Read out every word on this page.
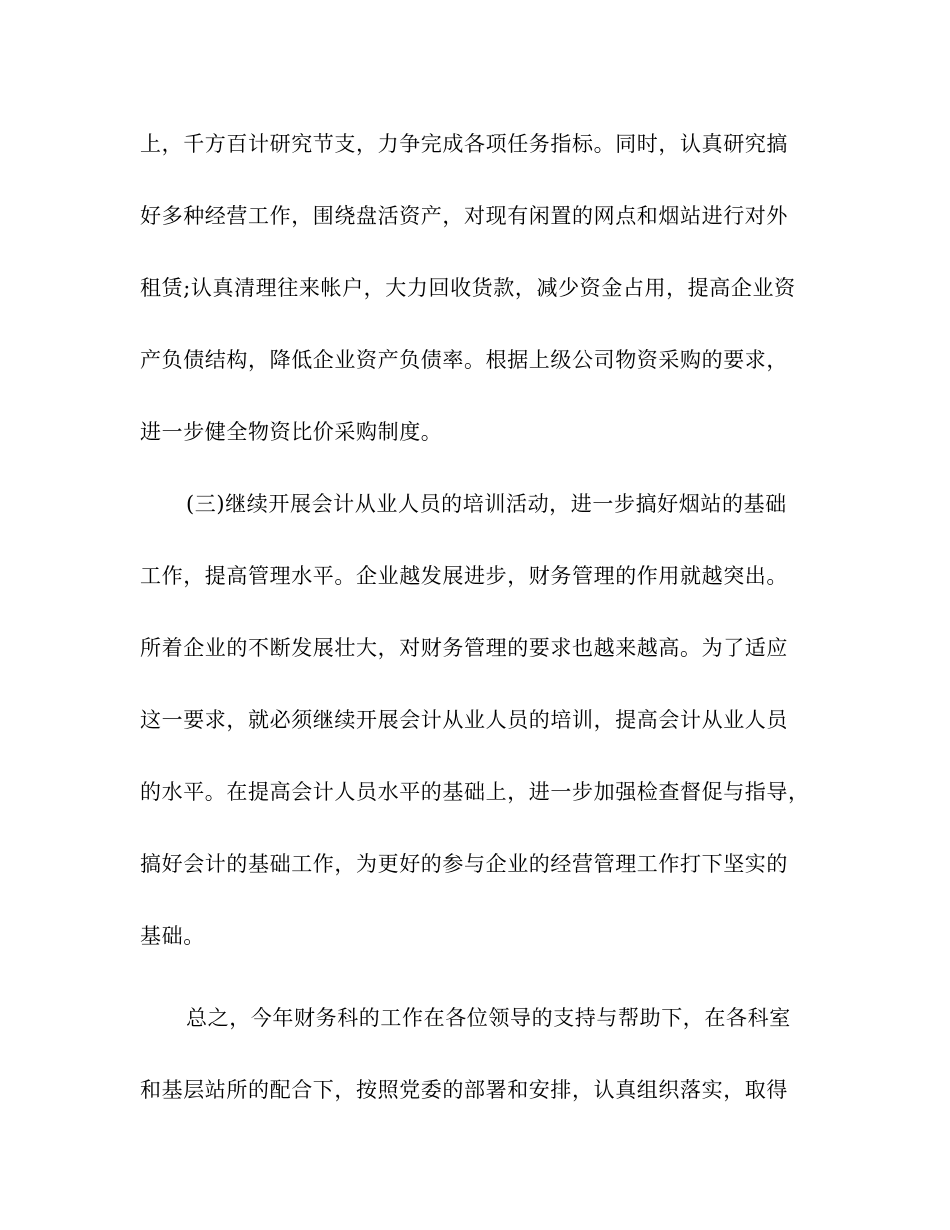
上，千方百计研究节支，力争完成各项任务指标。同时，认真研究搞
好多种经营工作，围绕盘活资产，对现有闲置的网点和烟站进行对外
租赁;认真清理往来帐户，大力回收货款，减少资金占用，提高企业资
产负债结构，降低企业资产负债率。根据上级公司物资采购的要求，
进一步健全物资比价采购制度。
(三)继续开展会计从业人员的培训活动，进一步搞好烟站的基础
工作，提高管理水平。企业越发展进步，财务管理的作用就越突出。
所着企业的不断发展壮大，对财务管理的要求也越来越高。为了适应
这一要求，就必须继续开展会计从业人员的培训，提高会计从业人员
的水平。在提高会计人员水平的基础上，进一步加强检查督促与指导，
搞好会计的基础工作，为更好的参与企业的经营管理工作打下坚实的
基础。
总之，今年财务科的工作在各位领导的支持与帮助下，在各科室
和基层站所的配合下，按照党委的部署和安排，认真组织落实，取得
